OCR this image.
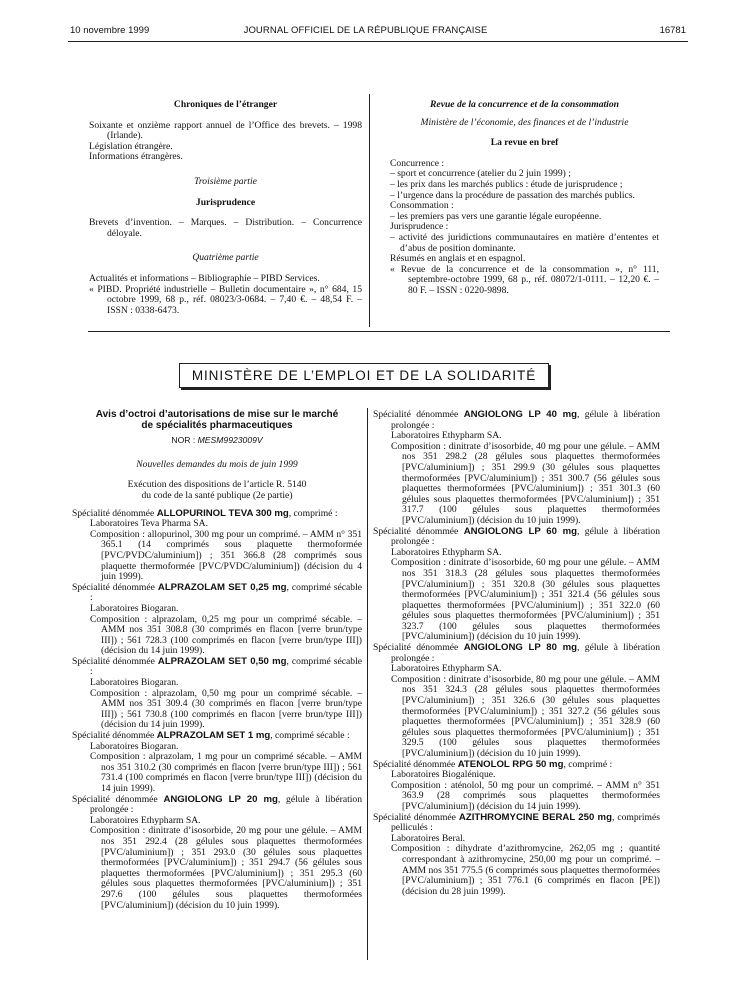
10 novembre 1999	JOURNAL OFFICIEL DE LA RÉPUBLIQUE FRANÇAISE	16781

Chroniques de l’étranger

Soixante et onzième rapport annuel de l’Office des brevets. – 1998 (Irlande).

Législation étrangère.

Informations étrangères.

Troisième partie

Jurisprudence

Brevets d’invention. – Marques. – Distribution. – Concurrence déloyale.

Quatrième partie

Actualités et informations – Bibliographie – PIBD Services.

« PIBD. Propriété industrielle – Bulletin documentaire », n° 684, 15 octobre 1999, 68 p., réf. 08023/3-0684. – 7,40 €. – 48,54 F. – ISSN : 0338-6473.

Revue de la concurrence et de la consommation

Ministère de l’économie, des finances et de l’industrie

La revue en bref

Concurrence :

– sport et concurrence (atelier du 2 juin 1999) ;

– les prix dans les marchés publics : étude de jurisprudence ;

– l’urgence dans la procédure de passation des marchés publics.

Consommation :

– les premiers pas vers une garantie légale européenne.

Jurisprudence :

– activité des juridictions communautaires en matière d’ententes et d’abus de position dominante.

Résumés en anglais et en espagnol.

« Revue de la concurrence et de la consommation », n° 111, septembre-octobre 1999, 68 p., réf. 08072/1-0111. – 12,20 €. – 80 F. – ISSN : 0220-9898.

MINISTÈRE DE L’EMPLOI ET DE LA SOLIDARITÉ

Avis d’octroi d’autorisations de mise sur le marché de spécialités pharmaceutiques

NOR : MESM9923009V

Nouvelles demandes du mois de juin 1999

Exécution des dispositions de l’article R. 5140 du code de la santé publique (2e partie)

Spécialité dénommée ALLOPURINOL TEVA 300 mg, comprimé :

Laboratoires Teva Pharma SA.

Composition : allopurinol, 300 mg pour un comprimé. – AMM n° 351 365.1 (14 comprimés sous plaquette thermoformée [PVC/PVDC/aluminium]) ; 351 366.8 (28 comprimés sous plaquette thermoformée [PVC/PVDC/aluminium]) (décision du 4 juin 1999).

Spécialité dénommée ALPRAZOLAM SET 0,25 mg, comprimé sécable :

Laboratoires Biogaran.

Composition : alprazolam, 0,25 mg pour un comprimé sécable. – AMM nos 351 308.8 (30 comprimés en flacon [verre brun/type III]) ; 561 728.3 (100 comprimés en flacon [verre brun/type III]) (décision du 14 juin 1999).

Spécialité dénommée ALPRAZOLAM SET 0,50 mg, comprimé sécable :

Laboratoires Biogaran.

Composition : alprazolam, 0,50 mg pour un comprimé sécable. – AMM nos 351 309.4 (30 comprimés en flacon [verre brun/type III]) ; 561 730.8 (100 comprimés en flacon [verre brun/type III]) (décision du 14 juin 1999).

Spécialité dénommée ALPRAZOLAM SET 1 mg, comprimé sécable :

Laboratoires Biogaran.

Composition : alprazolam, 1 mg pour un comprimé sécable. – AMM nos 351 310.2 (30 comprimés en flacon [verre brun/type III]) ; 561 731.4 (100 comprimés en flacon [verre brun/type III]) (décision du 14 juin 1999).

Spécialité dénommée ANGIOLONG LP 20 mg, gélule à libération prolongée :

Laboratoires Ethypharm SA.

Composition : dinitrate d’isosorbide, 20 mg pour une gélule. – AMM nos 351 292.4 (28 gélules sous plaquettes thermoformées [PVC/aluminium]) ; 351 293.0 (30 gélules sous plaquettes thermoformées [PVC/aluminium]) ; 351 294.7 (56 gélules sous plaquettes thermoformées [PVC/aluminium]) ; 351 295.3 (60 gélules sous plaquettes thermoformées [PVC/aluminium]) ; 351 297.6 (100 gélules sous plaquettes thermoformées [PVC/aluminium]) (décision du 10 juin 1999).

Spécialité dénommée ANGIOLONG LP 40 mg, gélule à libération prolongée :

Laboratoires Ethypharm SA.

Composition : dinitrate d’isosorbide, 40 mg pour une gélule. – AMM nos 351 298.2 (28 gélules sous plaquettes thermoformées [PVC/aluminium]) ; 351 299.9 (30 gélules sous plaquettes thermoformées [PVC/aluminium]) ; 351 300.7 (56 gélules sous plaquettes thermoformées [PVC/aluminium]) ; 351 301.3 (60 gélules sous plaquettes thermoformées [PVC/aluminium]) ; 351 317.7 (100 gélules sous plaquettes thermoformées [PVC/aluminium]) (décision du 10 juin 1999).

Spécialité dénommée ANGIOLONG LP 60 mg, gélule à libération prolongée :

Laboratoires Ethypharm SA.

Composition : dinitrate d’isosorbide, 60 mg pour une gélule. – AMM nos 351 318.3 (28 gélules sous plaquettes thermoformées [PVC/aluminium]) ; 351 320.8 (30 gélules sous plaquettes thermoformées [PVC/aluminium]) ; 351 321.4 (56 gélules sous plaquettes thermoformées [PVC/aluminium]) ; 351 322.0 (60 gélules sous plaquettes thermoformées [PVC/aluminium]) ; 351 323.7 (100 gélules sous plaquettes thermoformées [PVC/aluminium]) (décision du 10 juin 1999).

Spécialité dénommée ANGIOLONG LP 80 mg, gélule à libération prolongée :

Laboratoires Ethypharm SA.

Composition : dinitrate d’isosorbide, 80 mg pour une gélule. – AMM nos 351 324.3 (28 gélules sous plaquettes thermoformées [PVC/aluminium]) ; 351 326.6 (30 gélules sous plaquettes thermoformées [PVC/aluminium]) ; 351 327.2 (56 gélules sous plaquettes thermoformées [PVC/aluminium]) ; 351 328.9 (60 gélules sous plaquettes thermoformées [PVC/aluminium]) ; 351 329.5 (100 gélules sous plaquettes thermoformées [PVC/aluminium]) (décision du 10 juin 1999).

Spécialité dénommée ATENOLOL RPG 50 mg, comprimé :

Laboratoires Biogalénique.

Composition : aténolol, 50 mg pour un comprimé. – AMM n° 351 363.9 (28 comprimés sous plaquettes thermoformées [PVC/aluminium]) (décision du 14 juin 1999).

Spécialité dénommée AZITHROMYCINE BERAL 250 mg, comprimés pelliculés :

Laboratoires Beral.

Composition : dihydrate d’azithromycine, 262,05 mg ; quantité correspondant à azithromycine, 250,00 mg pour un comprimé. – AMM nos 351 775.5 (6 comprimés sous plaquettes thermoformées [PVC/aluminium]) ; 351 776.1 (6 comprimés en flacon [PE]) (décision du 28 juin 1999).
